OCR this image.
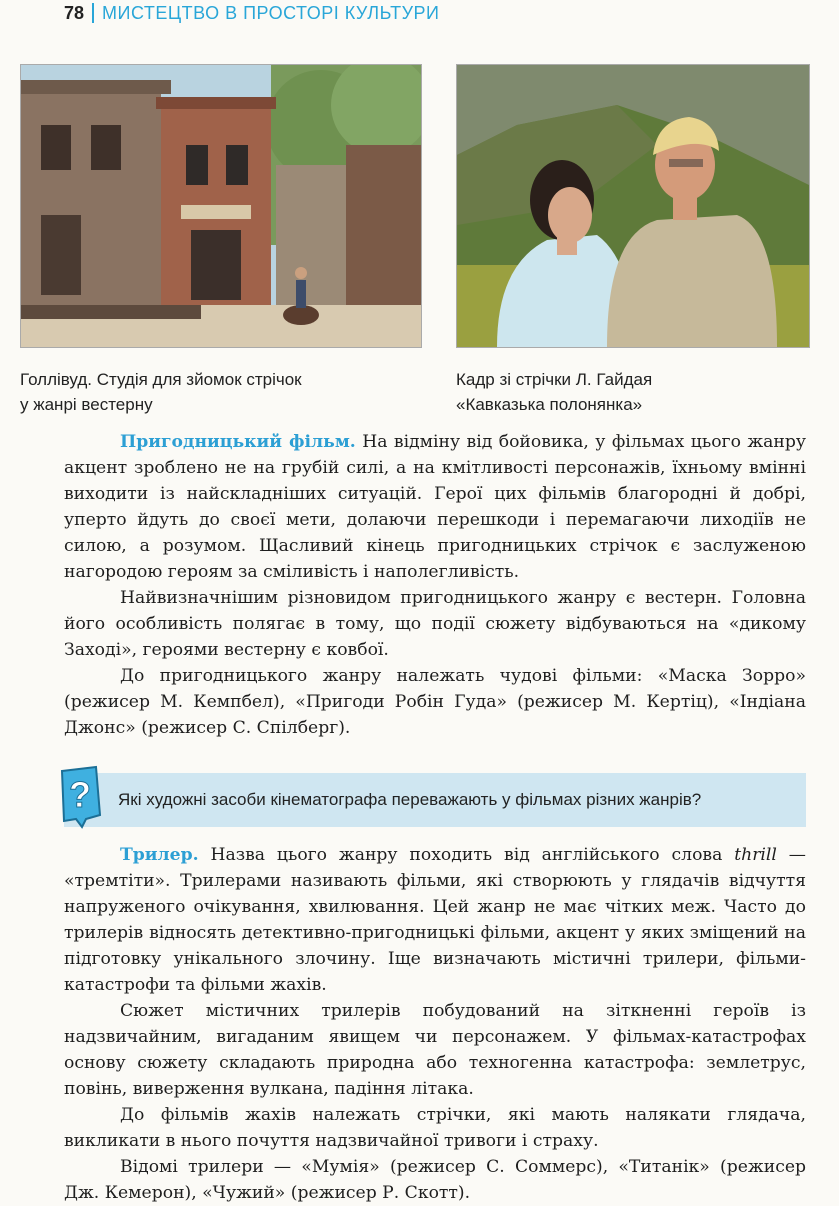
78 МИСТЕЦТВО В ПРОСТОРІ КУЛЬТУРИ
Голлівуд. Студія для зйомок стрічок
у жанрі вестерну
Кадр зі стрічки Л. Гайдая
«Кавказька полонянка»

Пригодницький фільм. На відміну від бойовика, у фільмах цього жанру акцент зроблено не на грубій силі, а на кмітливості персонажів, їхньому вмінні виходити із найскладніших ситуацій. Герої цих фільмів благородні й добрі, уперто йдуть до своєї мети, долаючи перешкоди і перемагаючи лиходіїв не силою, а розумом. Щасливий кінець пригодницьких стрічок є заслуженою нагородою героям за сміливість і наполегливість.

Найвизначнішим різновидом пригодницького жанру є вестерн. Головна його особливість полягає в тому, що події сюжету відбуваються на «дикому Заході», героями вестерну є ковбої.

До пригодницького жанру належать чудові фільми: «Маска Зорро» (режисер М. Кемпбел), «Пригоди Робін Гуда» (режисер М. Кертіц), «Індіана Джонс» (режисер С. Спілберг).

? Які художні засоби кінематографа переважають у фільмах різних жанрів?

Трилер. Назва цього жанру походить від англійського слова thrill — «тремтіти». Трилерами називають фільми, які створюють у глядачів відчуття напруженого очікування, хвилювання. Цей жанр не має чітких меж. Часто до трилерів відносять детективно-пригодницькі фільми, акцент у яких зміщений на підготовку унікального злочину. Іще визначають містичні трилери, фільми-катастрофи та фільми жахів.

Сюжет містичних трилерів побудований на зіткненні героїв із надзвичайним, вигаданим явищем чи персонажем. У фільмах-катастрофах основу сюжету складають природна або техногенна катастрофа: землетрус, повінь, виверження вулкана, падіння літака.

До фільмів жахів належать стрічки, які мають налякати глядача, викликати в нього почуття надзвичайної тривоги і страху.

Відомі трилери — «Мумія» (режисер С. Соммерс), «Титанік» (режисер Дж. Кемерон), «Чужий» (режисер Р. Скотт).
